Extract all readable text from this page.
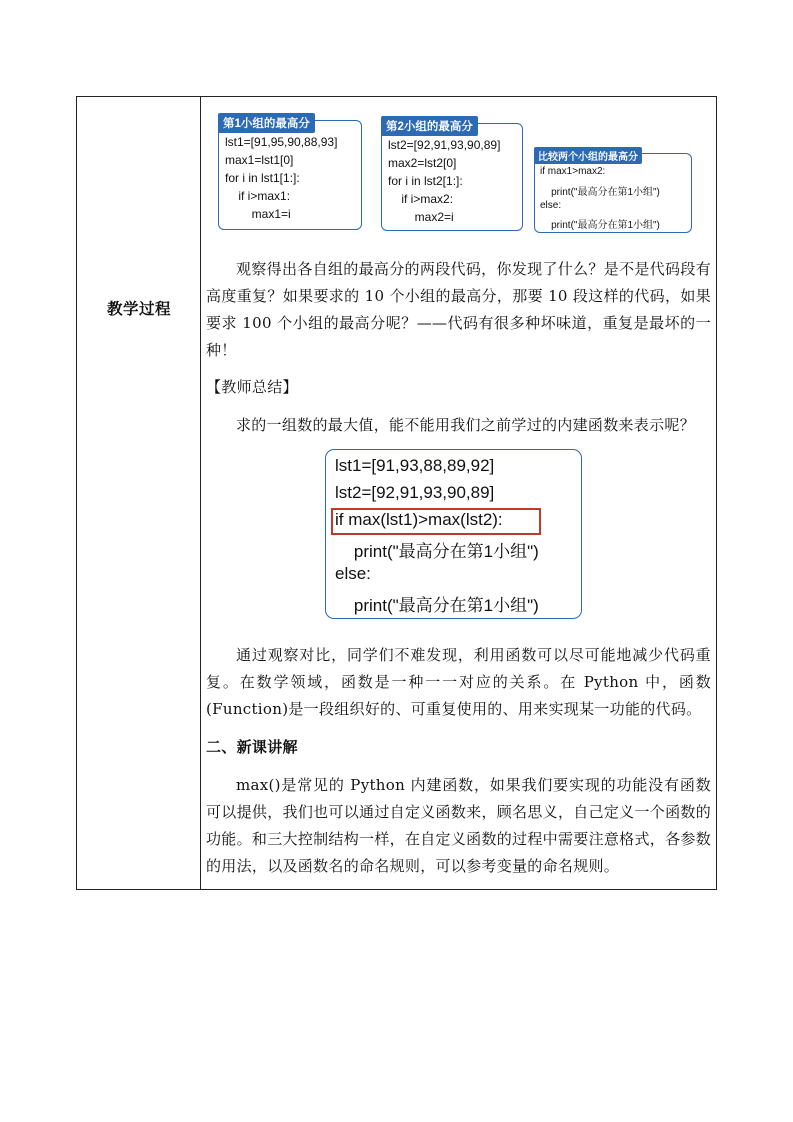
教学过程
第1小组的最高分
lst1=[91,95,90,88,93]
max1=lst1[0]
for i in lst1[1:]:
if i>max1:
max1=i
第2小组的最高分
lst2=[92,91,93,90,89]
max2=lst2[0]
for i in lst2[1:]:
if i>max2:
max2=i
比较两个小组的最高分
if max1>max2:
print("最高分在第1小组")
else:
print("最高分在第1小组")
观察得出各自组的最高分的两段代码，你发现了什么？是不是代码段有高度重复？如果要求的 10 个小组的最高分，那要 10 段这样的代码，如果要求 100 个小组的最高分呢？——代码有很多种坏味道，重复是最坏的一种！
【教师总结】
求的一组数的最大值，能不能用我们之前学过的内建函数来表示呢？
lst1=[91,93,88,89,92]
lst2=[92,91,93,90,89]
if max(lst1)>max(lst2):
print("最高分在第1小组")
else:
print("最高分在第1小组")
通过观察对比，同学们不难发现，利用函数可以尽可能地减少代码重复。在数学领域，函数是一种一一对应的关系。在 Python 中，函数(Function)是一段组织好的、可重复使用的、用来实现某一功能的代码。
二、新课讲解
max()是常见的 Python 内建函数，如果我们要实现的功能没有函数可以提供，我们也可以通过自定义函数来，顾名思义，自己定义一个函数的功能。和三大控制结构一样，在自定义函数的过程中需要注意格式，各参数的用法，以及函数名的命名规则，可以参考变量的命名规则。
